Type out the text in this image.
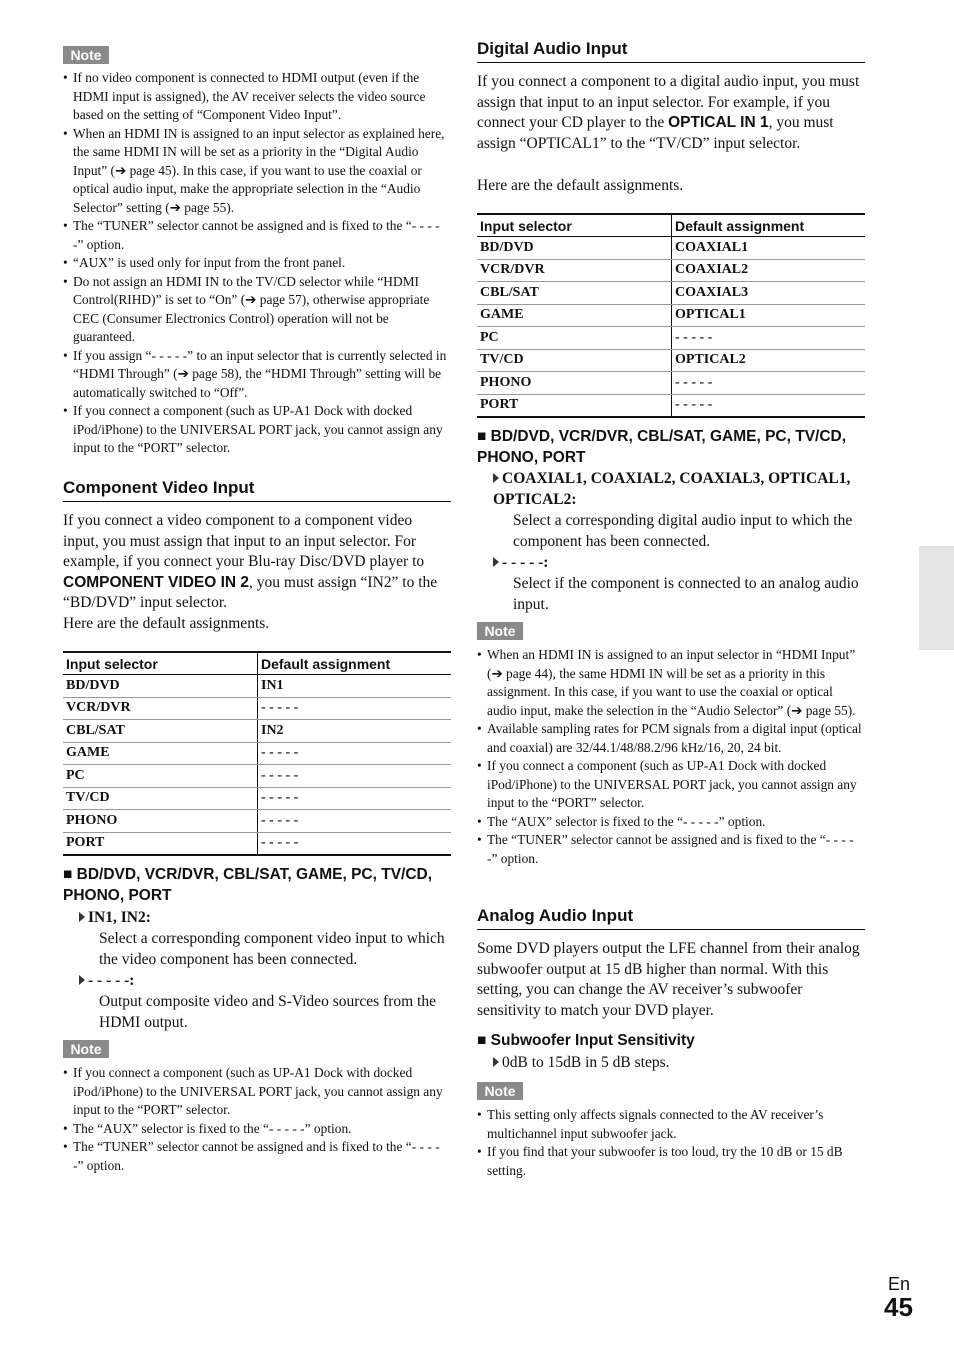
Note
• If no video component is connected to HDMI output (even if the HDMI input is assigned), the AV receiver selects the video source based on the setting of “Component Video Input”.
• When an HDMI IN is assigned to an input selector as explained here, the same HDMI IN will be set as a priority in the “Digital Audio Input” (➔ page 45). In this case, if you want to use the coaxial or optical audio input, make the appropriate selection in the “Audio Selector” setting (➔ page 55).
• The “TUNER” selector cannot be assigned and is fixed to the “- - - - -” option.
• “AUX” is used only for input from the front panel.
• Do not assign an HDMI IN to the TV/CD selector while “HDMI Control(RIHD)” is set to “On” (➔ page 57), otherwise appropriate CEC (Consumer Electronics Control) operation will not be guaranteed.
• If you assign “- - - - -” to an input selector that is currently selected in “HDMI Through” (➔ page 58), the “HDMI Through” setting will be automatically switched to “Off”.
• If you connect a component (such as UP-A1 Dock with docked iPod/iPhone) to the UNIVERSAL PORT jack, you cannot assign any input to the “PORT” selector.
Component Video Input
If you connect a video component to a component video input, you must assign that input to an input selector. For example, if you connect your Blu-ray Disc/DVD player to COMPONENT VIDEO IN 2, you must assign “IN2” to the “BD/DVD” input selector.
Here are the default assignments.
Input selector	Default assignment
BD/DVD	IN1
VCR/DVR	- - - - -
CBL/SAT	IN2
GAME	- - - - -
PC	- - - - -
TV/CD	- - - - -
PHONO	- - - - -
PORT	- - - - -
■ BD/DVD, VCR/DVR, CBL/SAT, GAME, PC, TV/CD, PHONO, PORT
IN1, IN2:
Select a corresponding component video input to which the video component has been connected.
- - - - -:
Output composite video and S-Video sources from the HDMI output.
Note
• If you connect a component (such as UP-A1 Dock with docked iPod/iPhone) to the UNIVERSAL PORT jack, you cannot assign any input to the “PORT” selector.
• The “AUX” selector is fixed to the “- - - - -” option.
• The “TUNER” selector cannot be assigned and is fixed to the “- - - - -” option.
Digital Audio Input
If you connect a component to a digital audio input, you must assign that input to an input selector. For example, if you connect your CD player to the OPTICAL IN 1, you must assign “OPTICAL1” to the “TV/CD” input selector.
Here are the default assignments.
Input selector	Default assignment
BD/DVD	COAXIAL1
VCR/DVR	COAXIAL2
CBL/SAT	COAXIAL3
GAME	OPTICAL1
PC	- - - - -
TV/CD	OPTICAL2
PHONO	- - - - -
PORT	- - - - -
■ BD/DVD, VCR/DVR, CBL/SAT, GAME, PC, TV/CD, PHONO, PORT
COAXIAL1, COAXIAL2, COAXIAL3, OPTICAL1, OPTICAL2:
Select a corresponding digital audio input to which the component has been connected.
- - - - -:
Select if the component is connected to an analog audio input.
Note
• When an HDMI IN is assigned to an input selector in “HDMI Input” (➔ page 44), the same HDMI IN will be set as a priority in this assignment. In this case, if you want to use the coaxial or optical audio input, make the selection in the “Audio Selector” (➔ page 55).
• Available sampling rates for PCM signals from a digital input (optical and coaxial) are 32/44.1/48/88.2/96 kHz/16, 20, 24 bit.
• If you connect a component (such as UP-A1 Dock with docked iPod/iPhone) to the UNIVERSAL PORT jack, you cannot assign any input to the “PORT” selector.
• The “AUX” selector is fixed to the “- - - - -” option.
• The “TUNER” selector cannot be assigned and is fixed to the “- - - - -” option.
Analog Audio Input
Some DVD players output the LFE channel from their analog subwoofer output at 15 dB higher than normal. With this setting, you can change the AV receiver’s subwoofer sensitivity to match your DVD player.
■ Subwoofer Input Sensitivity
0dB to 15dB in 5 dB steps.
Note
• This setting only affects signals connected to the AV receiver’s multichannel input subwoofer jack.
• If you find that your subwoofer is too loud, try the 10 dB or 15 dB setting.
En
45
